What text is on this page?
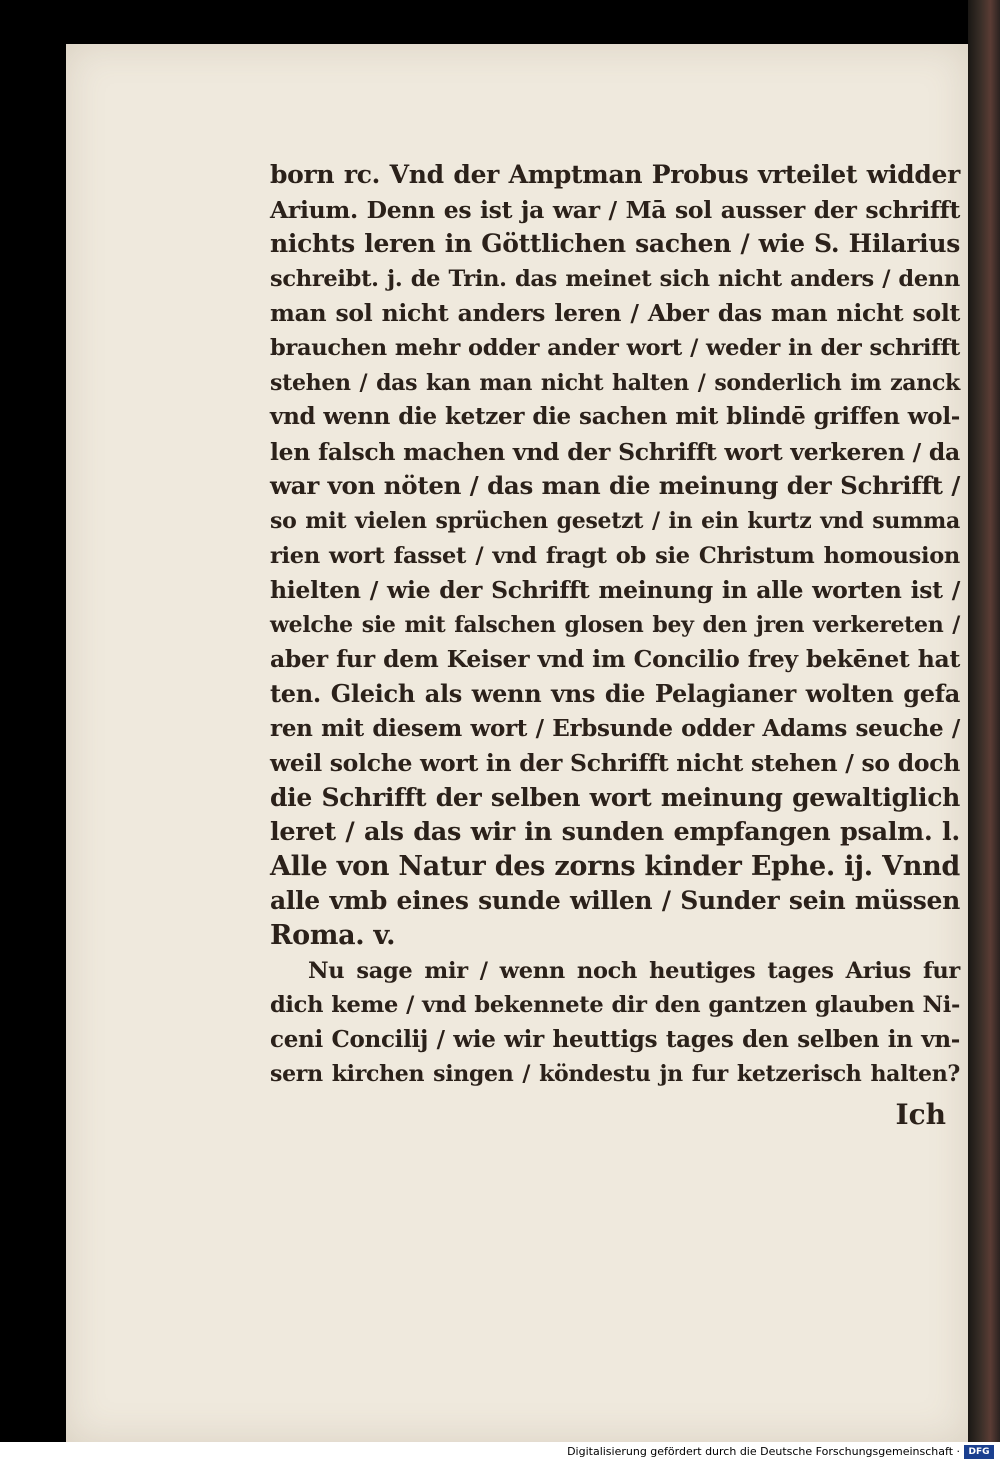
born rc. Vnd der Amptman Probus vrteilet widder
Arium. Denn es ist ja war / Mā sol ausser der schrifft
nichts leren in Göttlichen sachen / wie S. Hilarius
schreibt. j. de Trin. das meinet sich nicht anders / denn
man sol nicht anders leren / Aber das man nicht solt
brauchen mehr odder ander wort / weder in der schrifft
stehen / das kan man nicht halten / sonderlich im zanck
vnd wenn die ketzer die sachen mit blindē griffen wol-
len falsch machen vnd der Schrifft wort verkeren / da
war von nöten / das man die meinung der Schrifft /
so mit vielen sprüchen gesetzt / in ein kurtz vnd summa
rien wort fasset / vnd fragt ob sie Christum homousion
hielten / wie der Schrifft meinung in alle worten ist /
welche sie mit falschen glosen bey den jren verkereten /
aber fur dem Keiser vnd im Concilio frey bekēnet hat
ten. Gleich als wenn vns die Pelagianer wolten gefa
ren mit diesem wort / Erbsunde odder Adams seuche /
weil solche wort in der Schrifft nicht stehen / so doch
die Schrifft der selben wort meinung gewaltiglich
leret / als das wir in sunden empfangen psalm. l.
Alle von Natur des zorns kinder Ephe. ij. Vnnd
alle vmb eines sunde willen / Sunder sein müssen
Roma. v.
Nu sage mir / wenn noch heutiges tages Arius fur
dich keme / vnd bekennete dir den gantzen glauben Ni-
ceni Concilij / wie wir heuttigs tages den selben in vn-
sern kirchen singen / köndestu jn fur ketzerisch halten?
Ich
Digitalisierung gefördert durch die Deutsche Forschungsgemeinschaft · DFG
